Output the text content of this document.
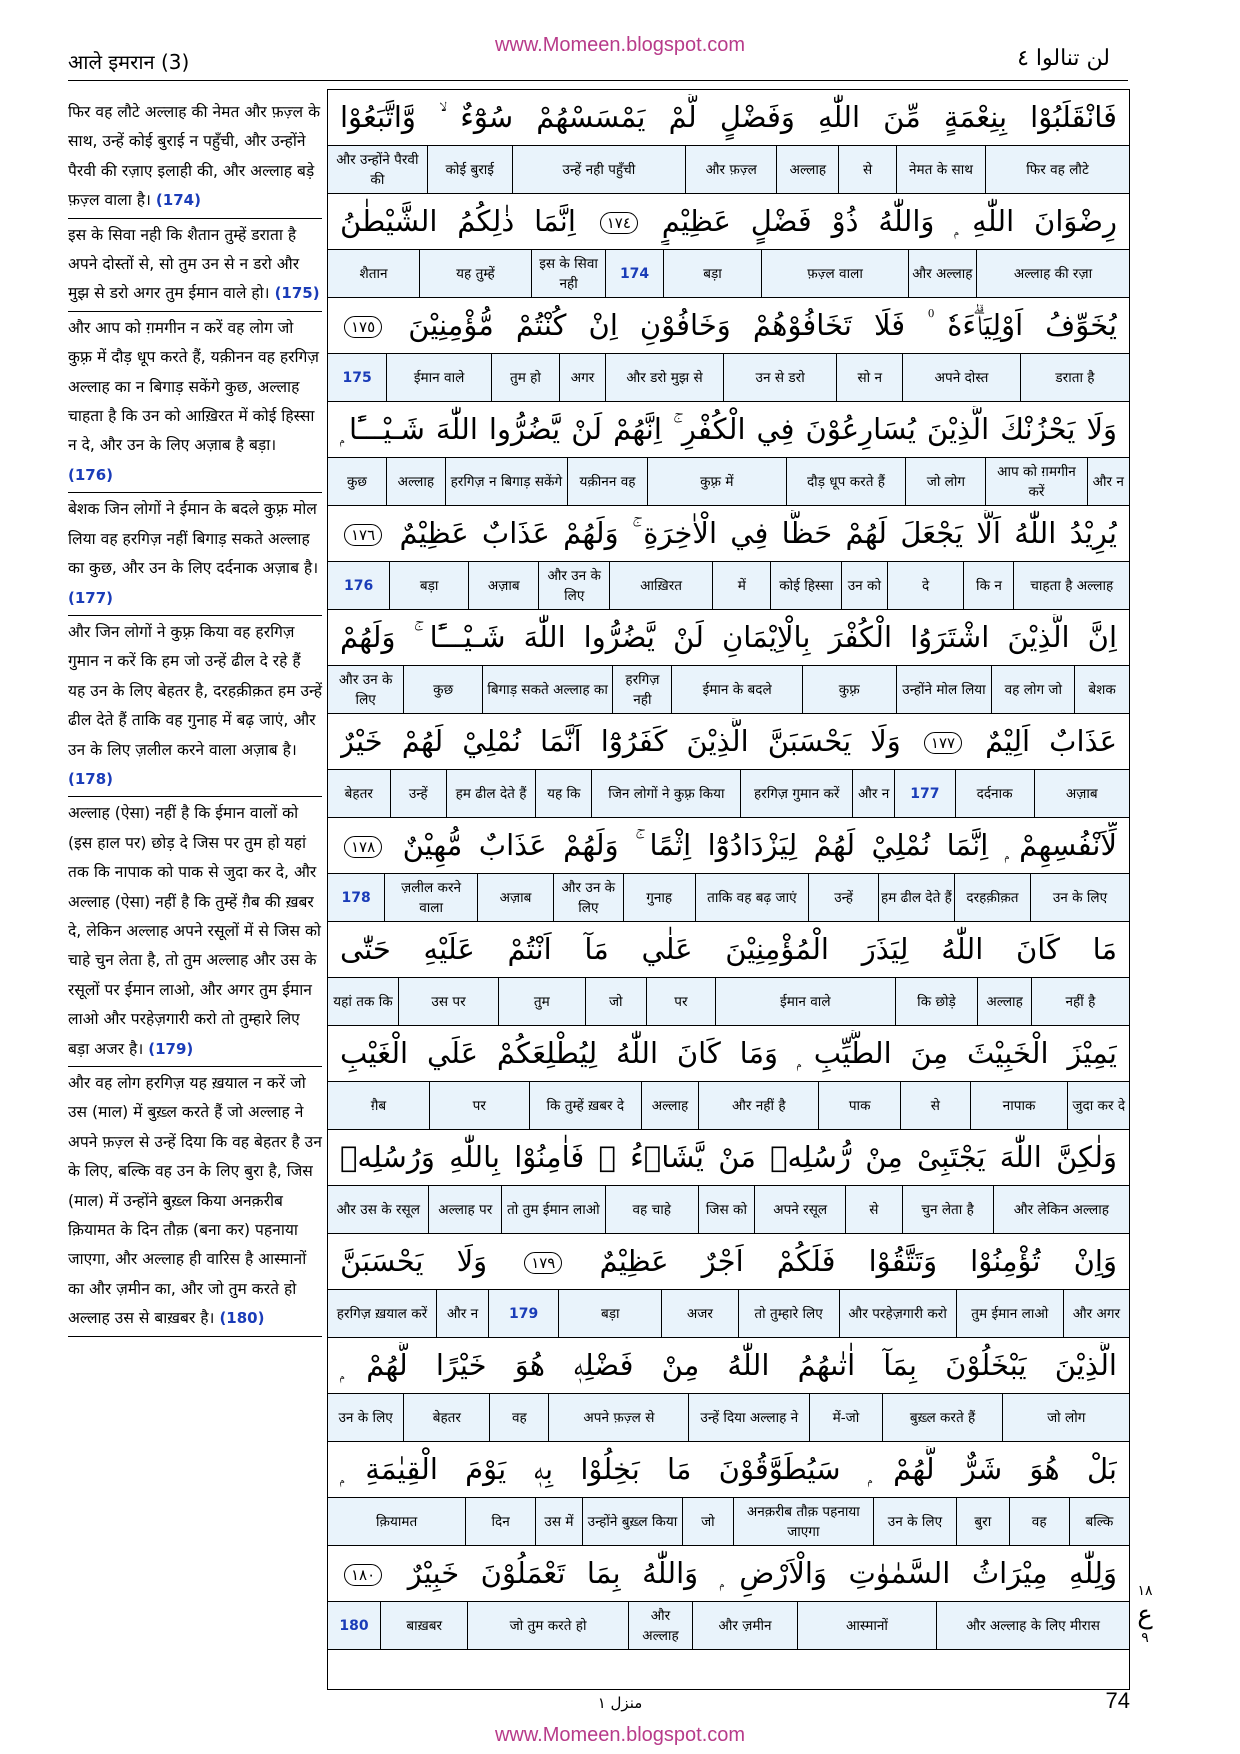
www.Momeen.blogspot.com
आले इमरान (3)	لن تنالوا ٤

फिर वह लौटे अल्लाह की नेमत और फ़ज़्ल के साथ, उन्हें कोई बुराई न पहुँची, और उन्होंने पैरवी की रज़ाए इलाही की, और अल्लाह बड़े फ़ज़्ल वाला है। (174)

इस के सिवा नही कि शैतान तुम्हें डराता है अपने दोस्तों से, सो तुम उन से न डरो और मुझ से डरो अगर तुम ईमान वाले हो। (175)

और आप को ग़मगीन न करें वह लोग जो कुफ़्र में दौड़ धूप करते हैं, यक़ीनन वह हरगिज़ अल्लाह का न बिगाड़ सकेंगे कुछ, अल्लाह चाहता है कि उन को आख़िरत में कोई हिस्सा न दे, और उन के लिए अज़ाब है बड़ा। (176)

बेशक जिन लोगों ने ईमान के बदले कुफ़्र मोल लिया वह हरगिज़ नहीं बिगाड़ सकते अल्लाह का कुछ, और उन के लिए दर्दनाक अज़ाब है। (177)

और जिन लोगों ने कुफ़्र किया वह हरगिज़ गुमान न करें कि हम जो उन्हें ढील दे रहे हैं यह उन के लिए बेहतर है, दरहक़ीक़त हम उन्हें ढील देते हैं ताकि वह गुनाह में बढ़ जाएं, और उन के लिए ज़लील करने वाला अज़ाब है। (178)

अल्लाह (ऐसा) नहीं है कि ईमान वालों को (इस हाल पर) छोड़ दे जिस पर तुम हो यहां तक कि नापाक को पाक से जुदा कर दे, और अल्लाह (ऐसा) नहीं है कि तुम्हें ग़ैब की ख़बर दे, लेकिन अल्लाह अपने रसूलों में से जिस को चाहे चुन लेता है, तो तुम अल्लाह और उस के रसूलों पर ईमान लाओ, और अगर तुम ईमान लाओ और परहेज़गारी करो तो तुम्हारे लिए बड़ा अजर है। (179)

और वह लोग हरगिज़ यह ख़याल न करें जो उस (माल) में बुख़्ल करते हैं जो अल्लाह ने अपने फ़ज़्ल से उन्हें दिया कि वह बेहतर है उन के लिए, बल्कि वह उन के लिए बुरा है, जिस (माल) में उन्होंने बुख़्ल किया अनक़रीब क़ियामत के दिन तौक़ (बना कर) पहनाया जाएगा, और अल्लाह ही वारिस है आस्मानों का और ज़मीन का, और जो तुम करते हो अल्लाह उस से बाख़बर है। (180)

فَانْقَلَبُوْا بِنِعْمَةٍ مِّنَ اللّٰهِ وَفَضْلٍ لَّمْ يَمْسَسْهُمْ سُوْٓءٌ ۙ وَّاتَّبَعُوْا
फिर वह लौटे
नेमत के साथ
से
अल्लाह
और फ़ज़्ल
उन्हें नही पहुँची
कोई बुराई
और उन्होंने पैरवी की
رِضْوَانَ اللّٰهِ ۭ وَاللّٰهُ ذُوْ فَضْلٍ عَظِيْمٍ ١٧٤ اِنَّمَا ذٰلِكُمُ الشَّيْطٰنُ
अल्लाह की रज़ा
और अल्लाह
फ़ज़्ल वाला
बड़ा
174
इस के सिवा नही
यह तुम्हें
शैतान
يُخَوِّفُ اَوْلِيَاۗءَهٗ ۠ فَلَا تَخَافُوْھُمْ وَخَافُوْنِ اِنْ كُنْتُمْ مُّؤْمِنِيْنَ ١٧٥
डराता है
अपने दोस्त
सो न
उन से डरो
और डरो मुझ से
अगर
तुम हो
ईमान वाले
175
وَلَا يَحْزُنْكَ الَّذِيْنَ يُسَارِعُوْنَ فِي الْكُفْرِ ۚ اِنَّھُمْ لَنْ يَّضُرُّوا اللّٰهَ شَـيْـــًٔا ۭ
और न
आप को ग़मगीन करें
जो लोग
दौड़ धूप करते हैं
कुफ़्र में
यक़ीनन वह
हरगिज़ न बिगाड़ सकेंगे
अल्लाह
कुछ
يُرِيْدُ اللّٰهُ اَلَّا يَجْعَلَ لَھُمْ حَظًّا فِي الْاٰخِرَةِ ۚ وَلَھُمْ عَذَابٌ عَظِيْمٌ ١٧٦
चाहता है अल्लाह
कि न
दे
उन को
कोई हिस्सा
में
आख़िरत
और उन के लिए
अज़ाब
बड़ा
176
اِنَّ الَّذِيْنَ اشْتَرَوُا الْكُفْرَ بِالْاِيْمَانِ لَنْ يَّضُرُّوا اللّٰهَ شَـيْـــًٔا ۚ وَلَھُمْ
बेशक
वह लोग जो
उन्होंने मोल लिया
कुफ़्र
ईमान के बदले
हरगिज़ नही
बिगाड़ सकते अल्लाह का
कुछ
और उन के लिए
عَذَابٌ اَلِيْمٌ ١٧٧ وَلَا يَحْسَبَنَّ الَّذِيْنَ كَفَرُوْٓا اَنَّمَا نُمْلِيْ لَھُمْ خَيْرٌ
अज़ाब
दर्दनाक
177
और न
हरगिज़ गुमान करें
जिन लोगों ने कुफ़्र किया
यह कि
हम ढील देते हैं
उन्हें
बेहतर
لِّاَنْفُسِھِمْ ۭ اِنَّمَا نُمْلِيْ لَھُمْ لِيَزْدَادُوْٓا اِثْمًا ۚ وَلَھُمْ عَذَابٌ مُّهِيْنٌ ١٧٨
उन के लिए
दरहक़ीक़त
हम ढील देते हैं
उन्हें
ताकि वह बढ़ जाएं
गुनाह
और उन के लिए
अज़ाब
ज़लील करने वाला
178
مَا كَانَ اللّٰهُ لِيَذَرَ الْمُؤْمِنِيْنَ عَلٰي مَآ اَنْتُمْ عَلَيْهِ حَتّٰى
नहीं है
अल्लाह
कि छोड़े
ईमान वाले
पर
जो
तुम
उस पर
यहां तक कि
يَمِيْزَ الْخَبِيْثَ مِنَ الطَّيِّبِ ۭ وَمَا كَانَ اللّٰهُ لِيُطْلِعَكُمْ عَلَي الْغَيْبِ
जुदा कर दे
नापाक
से
पाक
और नहीं है
अल्लाह
कि तुम्हें ख़बर दे
पर
ग़ैब
وَلٰكِنَّ اللّٰهَ يَجْتَبِىْ مِنْ رُّسُلِهٖ مَنْ يَّشَاۗءُ ۠ فَاٰمِنُوْا بِاللّٰهِ وَرُسُلِهٖ
और लेकिन अल्लाह
चुन लेता है
से
अपने रसूल
जिस को
वह चाहे
तो तुम ईमान लाओ
अल्लाह पर
और उस के रसूल
وَاِنْ تُؤْمِنُوْا وَتَتَّقُوْا فَلَكُمْ اَجْرٌ عَظِيْمٌ ١٧٩ وَلَا يَحْسَبَنَّ
और अगर
तुम ईमान लाओ
और परहेज़गारी करो
तो तुम्हारे लिए
अजर
बड़ा
179
और न
हरगिज़ ख़याल करें
الَّذِيْنَ يَبْخَلُوْنَ بِمَآ اٰتٰىھُمُ اللّٰهُ مِنْ فَضْلِهٖ ھُوَ خَيْرًا لَّھُمْ ۭ
जो लोग
बुख़्ल करते हैं
में-जो
उन्हें दिया अल्लाह ने
अपने फ़ज़्ल से
वह
बेहतर
उन के लिए
بَلْ ھُوَ شَرٌّ لَّھُمْ ۭ سَيُطَوَّقُوْنَ مَا بَخِلُوْا بِهٖ يَوْمَ الْقِيٰمَةِ ۭ
बल्कि
वह
बुरा
उन के लिए
अनक़रीब तौक़ पहनाया जाएगा
जो
उन्होंने बुख़्ल किया
उस में
दिन
क़ियामत
وَلِلّٰهِ مِيْرَاثُ السَّمٰوٰتِ وَالْاَرْضِ ۭ وَاللّٰهُ بِمَا تَعْمَلُوْنَ خَبِيْرٌ ١٨٠
और अल्लाह के लिए मीरास
आस्मानों
और ज़मीन
और अल्लाह
जो तुम करते हो
बाख़बर
180
١٨
ع
٩
منزل ١	74
www.Momeen.blogspot.com
